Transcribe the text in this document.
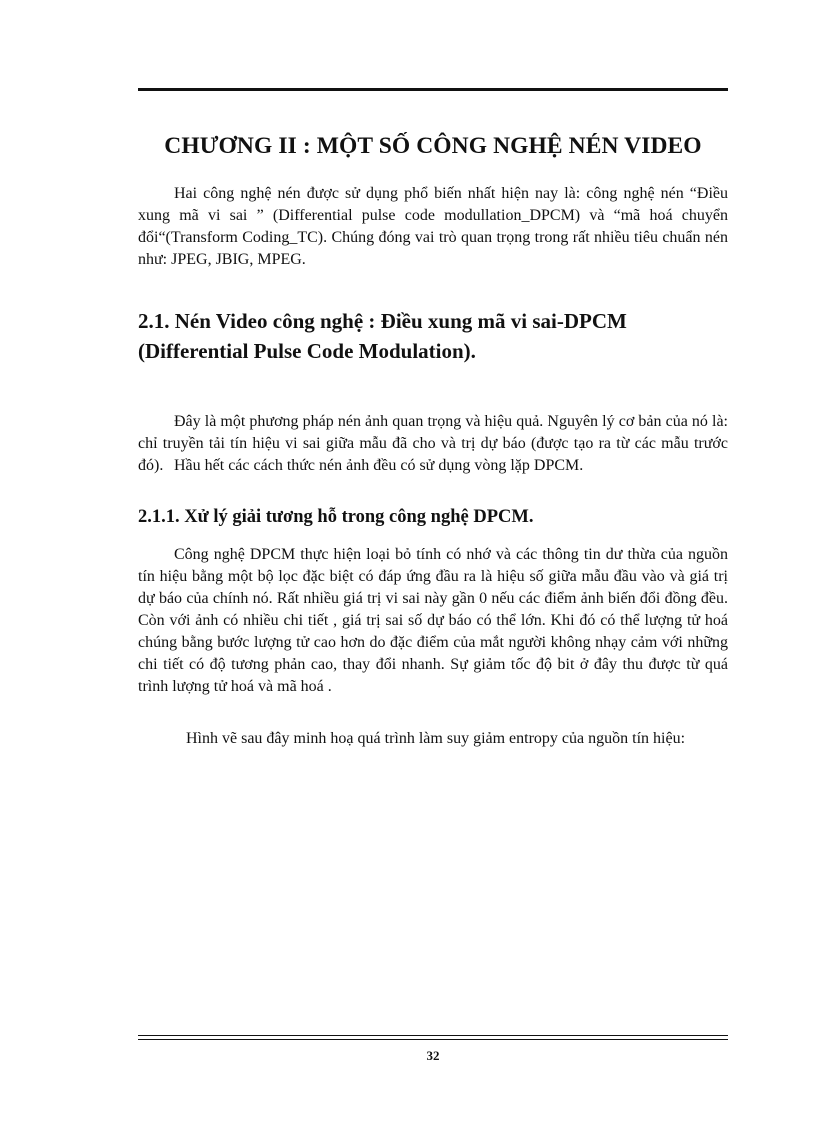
CHƯƠNG II : MỘT SỐ CÔNG NGHỆ NÉN VIDEO

Hai công nghệ nén được sử dụng phổ biến nhất hiện nay là: công nghệ nén “Điều xung mã vi sai ” (Differential pulse code modullation_DPCM) và “mã hoá chuyển đổi“(Transform Coding_TC). Chúng đóng vai trò quan trọng trong rất nhiều tiêu chuẩn nén như: JPEG, JBIG, MPEG.

2.1. Nén Video công nghệ : Điều xung mã vi sai-DPCM
(Differential Pulse Code Modulation).

Đây là một phương pháp nén ảnh quan trọng và hiệu quả. Nguyên lý cơ bản của nó là: chỉ truyền tải tín hiệu vi sai giữa mẫu đã cho và trị dự báo (được tạo ra từ các mẫu trước đó). Hầu hết các cách thức nén ảnh đều có sử dụng vòng lặp DPCM.

2.1.1. Xử lý giải tương hỗ trong công nghệ DPCM.

Công nghệ DPCM thực hiện loại bỏ tính có nhớ và các thông tin dư thừa của nguồn tín hiệu bằng một bộ lọc đặc biệt có đáp ứng đầu ra là hiệu số giữa mẫu đầu vào và giá trị dự báo của chính nó. Rất nhiều giá trị vi sai này gần 0 nếu các điểm ảnh biến đổi đồng đều. Còn với ảnh có nhiều chi tiết , giá trị sai số dự báo có thể lớn. Khi đó có thể lượng tử hoá chúng bằng bước lượng tử cao hơn do đặc điểm của mắt người không nhạy cảm với những chi tiết có độ tương phản cao, thay đổi nhanh. Sự giảm tốc độ bit ở đây thu được từ quá trình lượng tử hoá và mã hoá .

Hình vẽ sau đây minh hoạ quá trình làm suy giảm entropy của nguồn tín hiệu:

32
